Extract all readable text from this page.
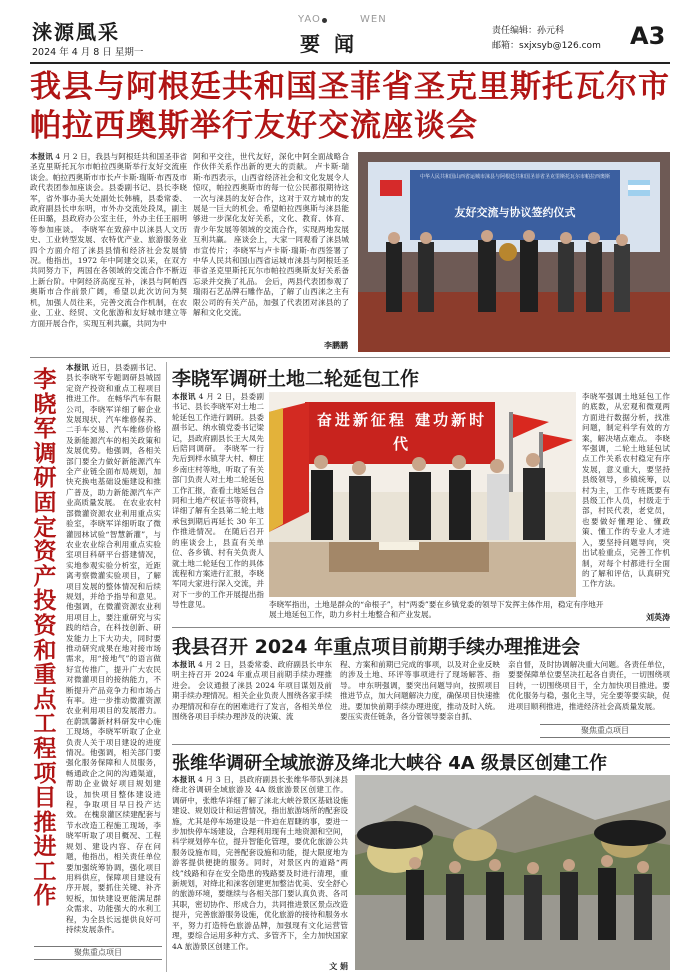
涞源風采
2024 年 4 月 8 日 星期一
YAO	WEN
要闻
责任编辑：孙元科
邮箱：sxjxsyb@126.com A3
我县与阿根廷共和国圣菲省圣克里斯托瓦尔市帕拉西奥斯举行友好交流座谈会
本报讯 4 月 2 日，我县与阿根廷共和国圣菲省圣克里斯托瓦尔市帕拉西奥斯举行友好交流座谈会。帕拉西奥斯市市长卢卡斯·瑞斯·布西及市政代表团参加座谈会。县委副书记、县长李晓军，省外事办美大处副处长韩楠，县委常委、政府副县长申东明，市外办交流处段凤，副主任田璐，县政府办公室主任，外办主任王丽明等参加座谈。 李晓军在致辞中以涞县人文历史、工业转型发展、农特优产业、旅游服务业四个方面介绍了涞县县情和经济社会发展情况。他指出，1972 年中阿建交以来，在双方共同努力下，两国在各领域的交流合作不断迈上新台阶。中阿经济高度互补，涞县与阿帕西奥斯市合作前景广阔，希望以此次访问为契机，加强人员往来，完善交流合作机制，在农业、工业、经贸、文化旅游和友好城市建立等方面开展合作，实现互利共赢，共同为中
阿和平交往，世代友好，深化中阿全面战略合作伙伴关系作出新的更大的贡献。 卢卡斯·瑞斯·布西表示，山西省经济社会和文化发展令人惊叹，帕拉西奥斯市的每一位公民都很期待这一次与涞县的友好合作，这对于双方城市的发展是一巨大的机会。希望帕拉西奥斯与涞县能够进一步深化友好关系，文化、教育、体育、青少年发展等领域的交流合作，实现两地发展互利共赢。 座谈会上，大家一同观看了涞县城市宣传片；李晓军与卢卡斯·瑞斯·布西签署了中华人民共和国山西省运城市涞县与阿根廷圣菲省圣克里斯托瓦尔市帕拉西奥斯友好关系备忘录并交换了礼品。 会后，两县代表团参观了瑞雨石艺品牌石雕作品，了解了山西涞之主有限公司的有关产品，加强了代表团对涞县的了解和文化交流。
李鹏鹏
中华人民共和国山西省运城市涞县与阿根廷共和国圣菲省圣克里斯托瓦尔市帕拉西奥斯
友好交流与协议签约仪式
李晓军调研固定资产投资和重点工程项目推进工作
本报讯 近日，县委副书记、县长李晓军专题调研县城固定资产投资和重点工程项目推进工作。 在畅华汽车有限公司，李晓军详细了解企业发展现状、汽车维修保养、二手车交易、汽车维修价格及新能源汽车的相关政策和发展优势。他强调，各相关部门要全力做好新能源汽车全产业链全面布局规划，加快充换电基础设施建设和推广普及，助力新能源汽车产业高质量发展。 在农业农村部微灌资源农业利用重点实验室，李晓军详细听取了微灌园林试验“智慧新灌”，与农业农业综合利用重点实验室项目科研平台搭建情况，实地参观实验分析室，近距离考察微灌实验项目，了解项目发展的整体情况和后续规划，并给予指导和意见。他强调，在微灌资源农业利用项目上，要注重研究与实践的结合，在科技创新、研发能力上下大功夫，同时要推动研究成果在地对接市场需求，用“接地气”的语言做好宣传推广，提升广大农民对微灌项目的接纳能力，不断提升产品竞争力和市场占有率。进一步推动微灌资源农业利用项目的发展潜力。 在蔚凯馨新材料研发中心施工现场，李晓军听取了企业负责人关于项目建设的进度情况。他强调，相关部门要强化服务保障和人员服务，畅通政企之间的沟通渠道，帮助企业做好项目规划建设，加快项目整体建设进程，争取项目早日投产达效。 在槐泉灌区续建配套与节水改造工程施工现场，李晓军听取了项目概况、工程规划、建设内容、存在问题，他指出，相关责任单位要加强统筹协调，强化项目用料供应，保障项目建设有序开展，要抓住关键、补齐短板，加快建设更能满足群众需求、功能强大的水利工程，为全县长远提供良好可持续发展条件。
聚焦重点项目
李晓军调研土地二轮延包工作
本报讯 4 月 2 日，县委副书记、县长李晓军对土地二轮延包工作进行调研。县委副书记、纳水镇党委书记梁记，县政府副县长王大凤先后陪同调研。 李晓军一行先后到样水镇芽大村、柳庄乡南庄村等地，听取了有关部门负责人对土地二轮延包工作汇报，查看土地延包合同和土地产权证书等资料，详细了解有全县第二轮土地承包到期后再延长 30 年工作推进情况。 在随后召开的座谈会上，县直有关单位、各乡镇、村有关负责人就土地二轮延包工作的具体流程和方案进行汇报，李晓军同大家进行深入交流，并对下一步的工作开展提出指导性意见。
奋进新征程 建功新时代
李晓军强调土地延包工作的底数，从宏观和微观两方面进行数据分析，找准问题，制定科学有效的方案，解决堵点难点。 李晓军强调，二轮土地延包试点工作关系农村稳定有序发展，意义重大，要坚持县级领导，乡镇统筹，以村为主，工作专班既要有县级工作人员，村级走于部，村民代表，老党员，也要做好懂理论、懂政策、懂工作的专业人才进入，要坚持问题导向，突出试验重点，完善工作机制，对每个村都进行全面的了解和评估，认真研究工作方法。
李晓军指出，土地是群众的“命根子”，村“两委”要在乡镇党委的领导下发挥主体作用，稳定有序地开展土地延包工作，助力乡村土地整合和产业发展。	刘英涛
我县召开 2024 年重点项目前期手续办理推进会
本报讯 4 月 2 日，县委常委、政府副县长申东明主持召开 2024 年重点项目前期手续办理推进会。 会议通报了涞县 2024 年项目谋划及前期手续办理情况。相关企业负责人围绕各家手续办理情况和存在的困难进行了发言，各相关单位围绕各项目手续办理涉及的决策、流
程、方案和前期已完成的事项，以及对企业反映的涉及土地、环评等事项进行了现场解答、指导。 申东明强调，要突出问题导向，按照项目推进节点，加大问题解决力度，确保项目快速推进。要加快前期手续办理进度，推动及时入统。要压实责任链条，各分管领导要亲自抓、
亲自督，及时协调解决重大问题。各责任单位，要要保障单位要坚决扛起各自责任，一切围绕项目转，一切围绕项目干，全力加快项目推进。要优化服务与稳，强化主导，完全要等要实缺，促进项目顺利推进，推进经济社会高质量发展。
聚焦重点项目
张维华调研全域旅游及绛北大峡谷 4A 级景区创建工作
本报讯 4 月 3 日，县政府副县长张维华带队到涞县绛北谷调研全域旅游及 4A 级旅游景区创建工作。 调研中，张维华详细了解了涞北大峡谷景区基础设施建设、规划设计和运营情况，指出旅游场所的配套设施，尤其是停车场建设是一件迫在眉睫的事，要进一步加快停车场建设，合理利用现有土地资源和空间，科学规划停车位，提升智能化管理，要优化旅游公共服务设施布局，完善配套设施和功能，提大限度地为游客提供便捷的服务。同时，对景区内的道路“两线”线路和存在安全隐患的残路要及时进行清理，重新规划，对绛北和涞客创建更加整洁优美、安全舒心的旅游环境，要继续与各相关部门要认真负责、各司其职，密切协作、形成合力，共同推进景区景点改造提升，完善旅游服务设施，优化旅游的接待和服务水平，努力打造特色旅游品牌，加强现有文化运营管理，要综合运用多种方式、多管齐下，全力加快国家 4A 旅游景区创建工作。
文 娟
